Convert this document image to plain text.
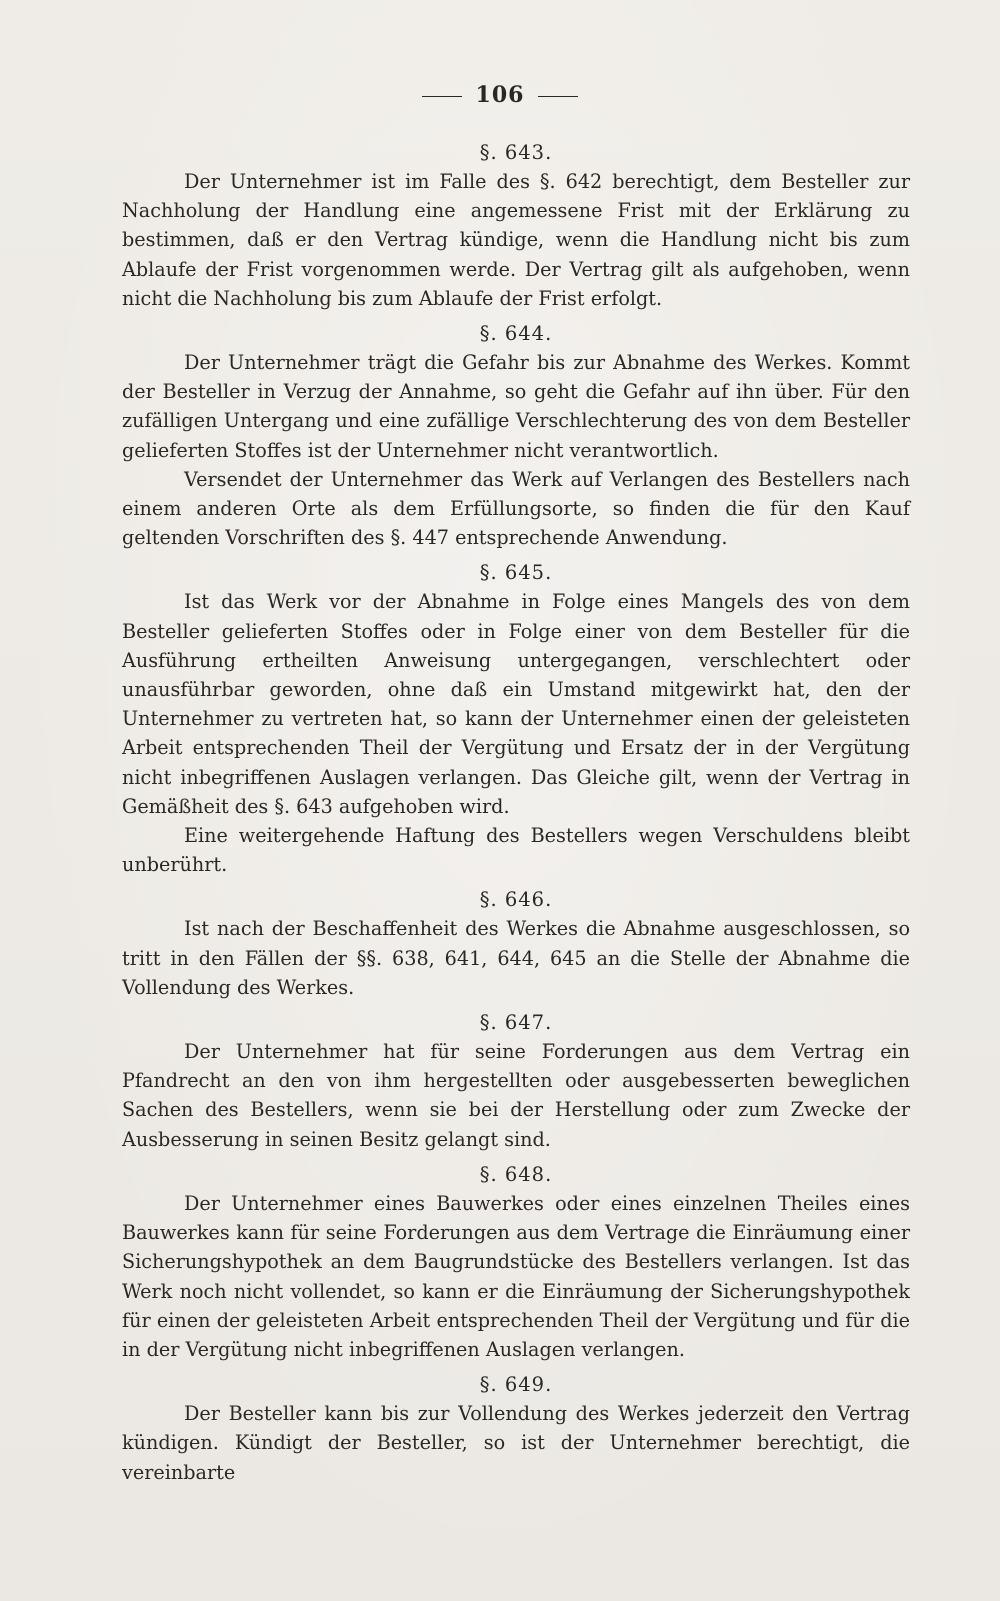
106
§. 643.

Der Unternehmer ist im Falle des §. 642 berechtigt, dem Besteller zur Nachholung der Handlung eine angemessene Frist mit der Erklärung zu bestimmen, daß er den Vertrag kündige, wenn die Handlung nicht bis zum Ablaufe der Frist vorgenommen werde. Der Vertrag gilt als aufgehoben, wenn nicht die Nachholung bis zum Ablaufe der Frist erfolgt.

§. 644.

Der Unternehmer trägt die Gefahr bis zur Abnahme des Werkes. Kommt der Besteller in Verzug der Annahme, so geht die Gefahr auf ihn über. Für den zufälligen Untergang und eine zufällige Verschlechterung des von dem Besteller gelieferten Stoffes ist der Unternehmer nicht verantwortlich.

Versendet der Unternehmer das Werk auf Verlangen des Bestellers nach einem anderen Orte als dem Erfüllungsorte, so finden die für den Kauf geltenden Vorschriften des §. 447 entsprechende Anwendung.

§. 645.

Ist das Werk vor der Abnahme in Folge eines Mangels des von dem Besteller gelieferten Stoffes oder in Folge einer von dem Besteller für die Ausführung ertheilten Anweisung untergegangen, verschlechtert oder unausführbar geworden, ohne daß ein Umstand mitgewirkt hat, den der Unternehmer zu vertreten hat, so kann der Unternehmer einen der geleisteten Arbeit entsprechenden Theil der Vergütung und Ersatz der in der Vergütung nicht inbegriffenen Auslagen verlangen. Das Gleiche gilt, wenn der Vertrag in Gemäßheit des §. 643 aufgehoben wird.

Eine weitergehende Haftung des Bestellers wegen Verschuldens bleibt unberührt.

§. 646.

Ist nach der Beschaffenheit des Werkes die Abnahme ausgeschlossen, so tritt in den Fällen der §§. 638, 641, 644, 645 an die Stelle der Abnahme die Vollendung des Werkes.

§. 647.

Der Unternehmer hat für seine Forderungen aus dem Vertrag ein Pfandrecht an den von ihm hergestellten oder ausgebesserten beweglichen Sachen des Bestellers, wenn sie bei der Herstellung oder zum Zwecke der Ausbesserung in seinen Besitz gelangt sind.

§. 648.

Der Unternehmer eines Bauwerkes oder eines einzelnen Theiles eines Bauwerkes kann für seine Forderungen aus dem Vertrage die Einräumung einer Sicherungshypothek an dem Baugrundstücke des Bestellers verlangen. Ist das Werk noch nicht vollendet, so kann er die Einräumung der Sicherungshypothek für einen der geleisteten Arbeit entsprechenden Theil der Vergütung und für die in der Vergütung nicht inbegriffenen Auslagen verlangen.

§. 649.

Der Besteller kann bis zur Vollendung des Werkes jederzeit den Vertrag kündigen. Kündigt der Besteller, so ist der Unternehmer berechtigt, die vereinbarte
